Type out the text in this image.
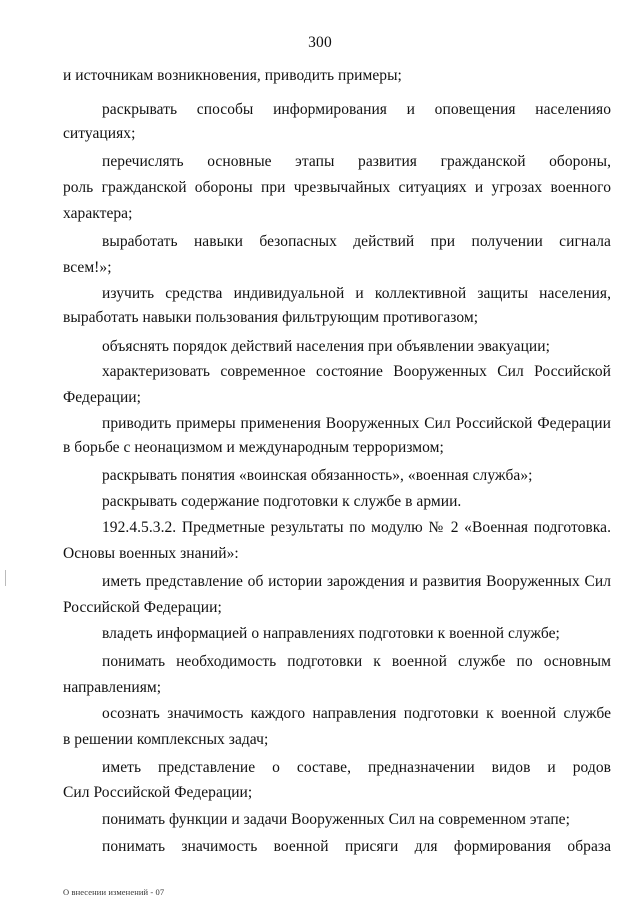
300
и источникам возникновения, приводить примеры;
раскрывать способы информирования и оповещения населенияо
ситуациях;
перечислять основные этапы развития гражданской обороны,
роль гражданской обороны при чрезвычайных ситуациях и угрозах военного
характера;
выработать навыки безопасных действий при получении сигнала
всем!»;
изучить средства индивидуальной и коллективной защиты населения,
выработать навыки пользования фильтрующим противогазом;
объяснять порядок действий населения при объявлении эвакуации;
характеризовать современное состояние Вооруженных Сил Российской
Федерации;
приводить примеры применения Вооруженных Сил Российской Федерации
в борьбе с неонацизмом и международным терроризмом;
раскрывать понятия «воинская обязанность», «военная служба»;
раскрывать содержание подготовки к службе в армии.
192.4.5.3.2. Предметные результаты по модулю № 2 «Военная подготовка.
Основы военных знаний»:
иметь представление об истории зарождения и развития Вооруженных Сил
Российской Федерации;
владеть информацией о направлениях подготовки к военной службе;
понимать необходимость подготовки к военной службе по основным
направлениям;
осознать значимость каждого направления подготовки к военной службе
в решении комплексных задач;
иметь представление о составе, предназначении видов и родов
Сил Российской Федерации;
понимать функции и задачи Вооруженных Сил на современном этапе;
понимать значимость военной присяги для формирования образа
О внесении изменений - 07
